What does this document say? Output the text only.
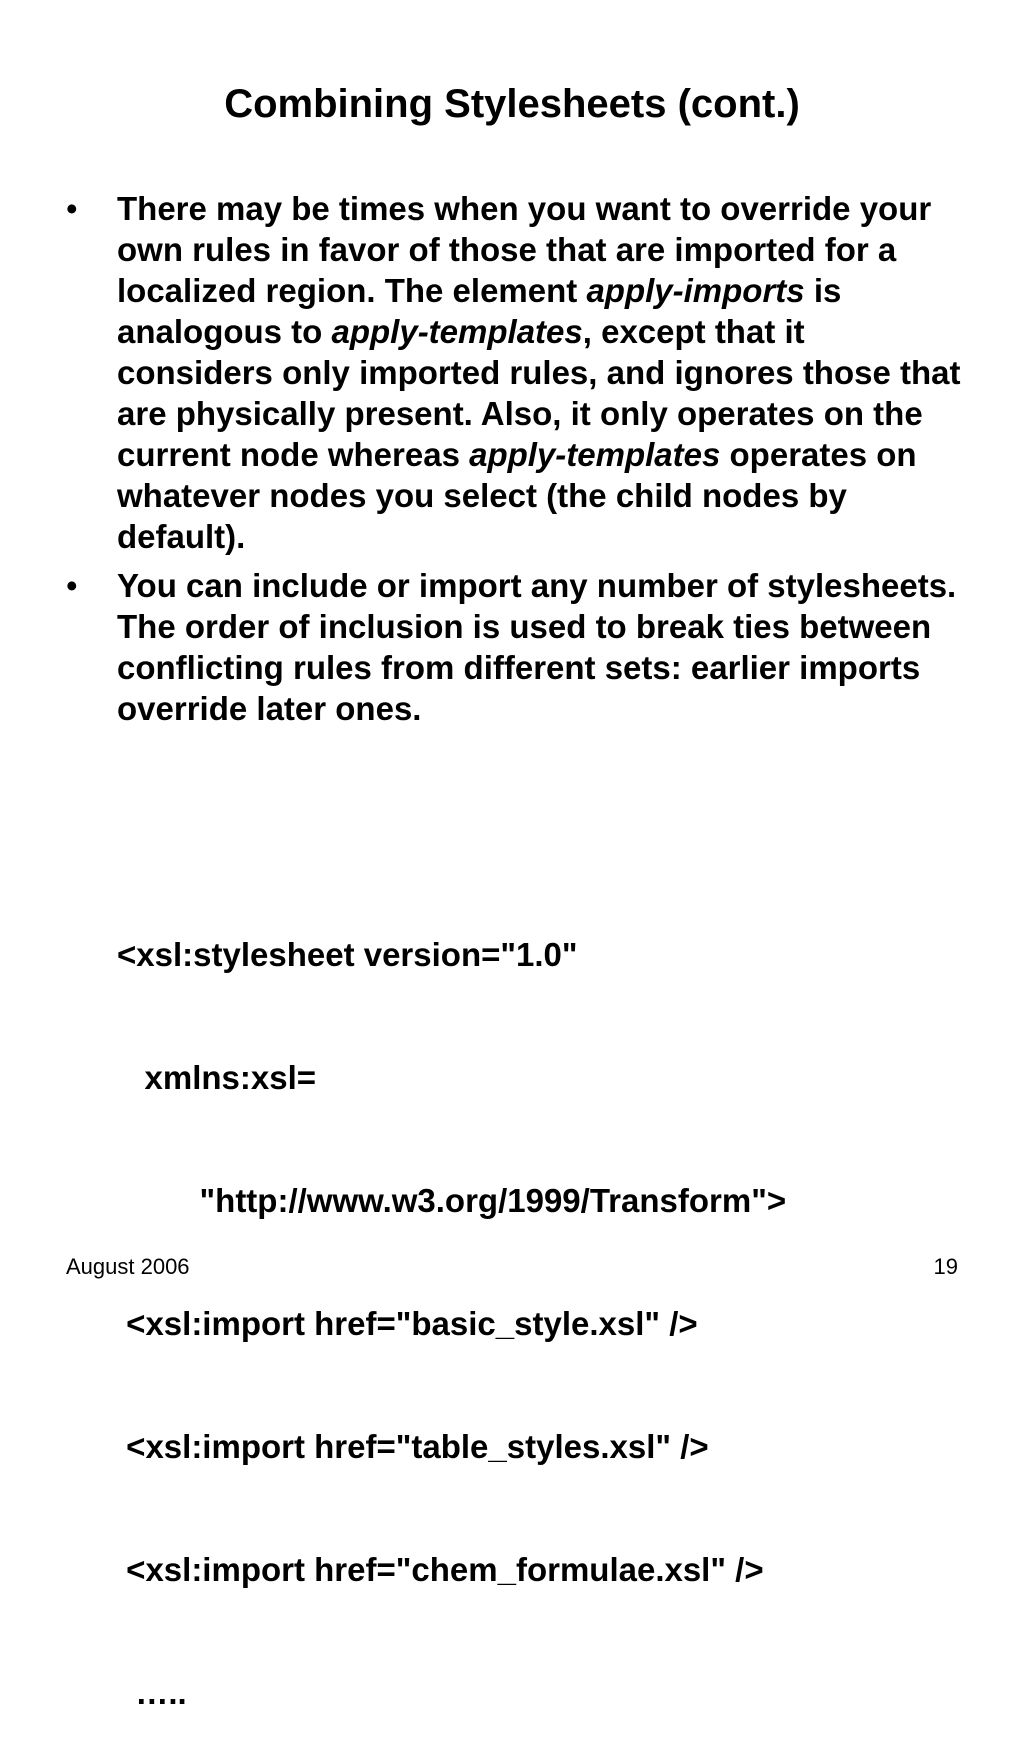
Combining Stylesheets (cont.)
• There may be times when you want to override your own rules in favor of those that are imported for a localized region. The element apply-imports is analogous to apply-templates, except that it considers only imported rules, and ignores those that are physically present. Also, it only operates on the current node whereas apply-templates operates on whatever nodes you select (the child nodes by default).
• You can include or import any number of stylesheets. The order of inclusion is used to break ties between conflicting rules from different sets: earlier imports override later ones.

<xsl:stylesheet version="1.0"

xmlns:xsl=

"http://www.w3.org/1999/Transform">

<xsl:import href="basic_style.xsl" />

<xsl:import href="table_styles.xsl" />

<xsl:import href="chem_formulae.xsl" />

…..

August 2006	19
